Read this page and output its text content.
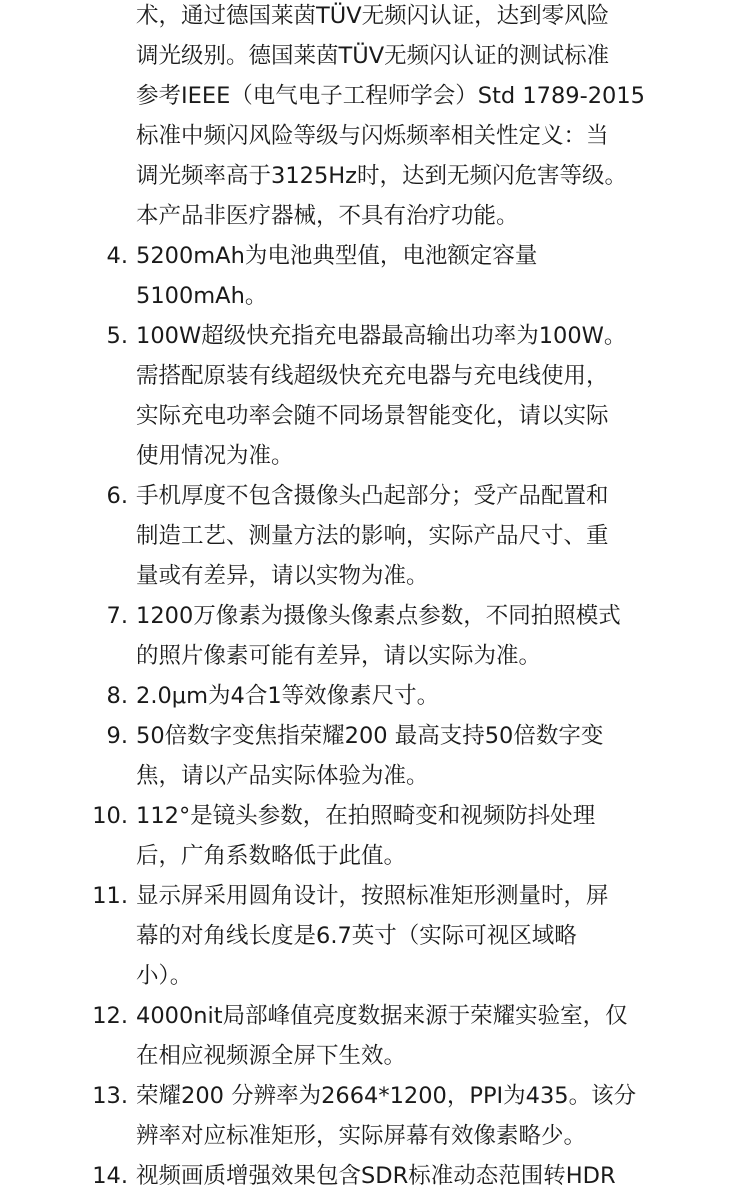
术，通过德国莱茵TÜV无频闪认证，达到零风险
调光级别。德国莱茵TÜV无频闪认证的测试标准
参考IEEE（电气电子工程师学会）Std 1789-2015
标准中频闪风险等级与闪烁频率相关性定义：当
调光频率高于3125Hz时，达到无频闪危害等级。
本产品非医疗器械，不具有治疗功能。
4. 5200mAh为电池典型值，电池额定容量
5100mAh。
5. 100W超级快充指充电器最高输出功率为100W。
需搭配原装有线超级快充充电器与充电线使用，
实际充电功率会随不同场景智能变化，请以实际
使用情况为准。
6. 手机厚度不包含摄像头凸起部分；受产品配置和
制造工艺、测量方法的影响，实际产品尺寸、重
量或有差异，请以实物为准。
7. 1200万像素为摄像头像素点参数，不同拍照模式
的照片像素可能有差异，请以实际为准。
8. 2.0μm为4合1等效像素尺寸。
9. 50倍数字变焦指荣耀200 最高支持50倍数字变
焦，请以产品实际体验为准。
10. 112°是镜头参数，在拍照畸变和视频防抖处理
后，广角系数略低于此值。
11. 显示屏采用圆角设计，按照标准矩形测量时，屏
幕的对角线长度是6.7英寸（实际可视区域略
小）。
12. 4000nit局部峰值亮度数据来源于荣耀实验室，仅
在相应视频源全屏下生效。
13. 荣耀200 分辨率为2664*1200，PPI为435。该分
辨率对应标准矩形，实际屏幕有效像素略少。
14. 视频画质增强效果包含SDR标准动态范围转HDR
